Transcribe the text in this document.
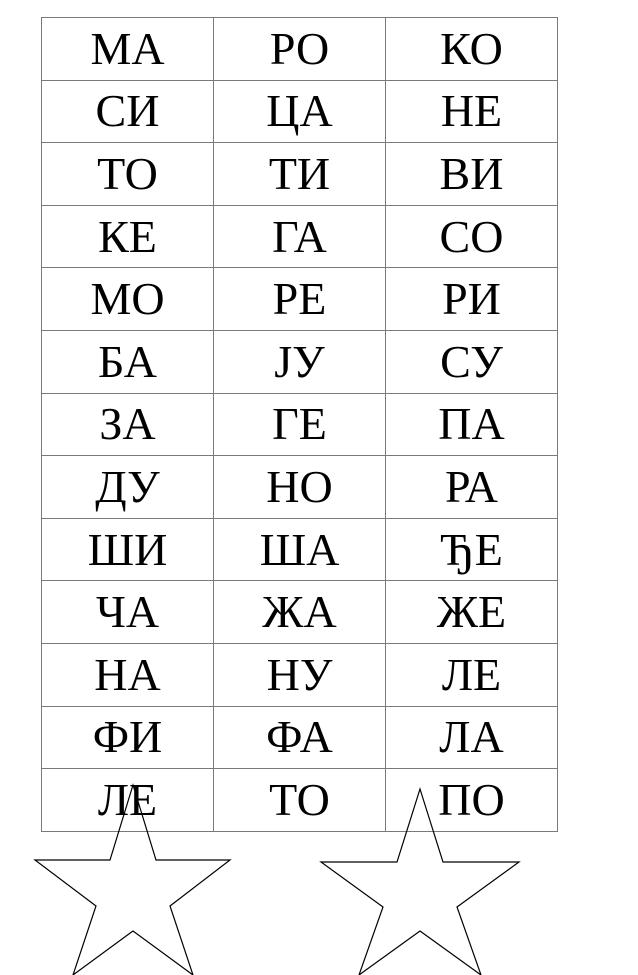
МА	РО	КО
СИ	ЦА	НЕ
ТО	ТИ	ВИ
КЕ	ГА	СО
МО	РЕ	РИ
БА	ЈУ	СУ
ЗА	ГЕ	ПА
ДУ	НО	РА
ШИ	ША	ЂЕ
ЧА	ЖА	ЖЕ
НА	НУ	ЛЕ
ФИ	ФА	ЛА
ЛЕ	ТО	ПО
